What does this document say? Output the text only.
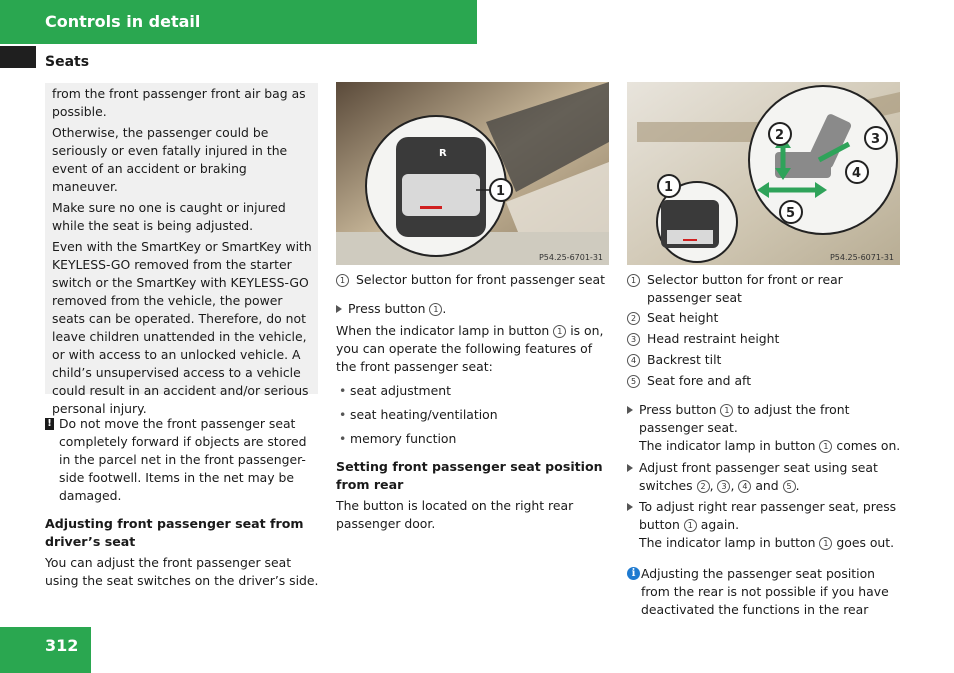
Controls in detail
Seats

from the front passenger front air bag as possible.

Otherwise, the passenger could be seriously or even fatally injured in the event of an accident or braking maneuver.

Make sure no one is caught or injured while the seat is being adjusted.

Even with the SmartKey or SmartKey with KEYLESS-GO removed from the starter switch or the SmartKey with KEYLESS-GO removed from the vehicle, the power seats can be operated. Therefore, do not leave children unattended in the vehicle, or with access to an unlocked vehicle. A child’s unsupervised access to a vehicle could result in an accident and/or serious personal injury.

! Do not move the front passenger seat completely forward if objects are stored in the parcel net in the front passenger-side footwell. Items in the net may be damaged.

Adjusting front passenger seat from driver’s seat

You can adjust the front passenger seat using the seat switches on the driver’s side.

R
1
P54.25-6701-31
1 Selector button for front passenger seat
Press button 1 .

When the indicator lamp in button 1 is on, you can operate the following features of the front passenger seat:

• seat adjustment
• seat heating/ventilation
• memory function

Setting front passenger seat position from rear

The button is located on the right rear passenger door.

1
2	3
4
5
P54.25-6071-31
1 Selector button for front or rear passenger seat
2 Seat height
3 Head restraint height
4 Backrest tilt
5 Seat fore and aft
Press button 1 to adjust the front passenger seat.
The indicator lamp in button 1 comes on.
Adjust front passenger seat using seat switches 2 , 3 , 4 and 5 .
To adjust right rear passenger seat, press button 1 again.
The indicator lamp in button 1 goes out.
i Adjusting the passenger seat position from the rear is not possible if you have deactivated the functions in the rear
312
